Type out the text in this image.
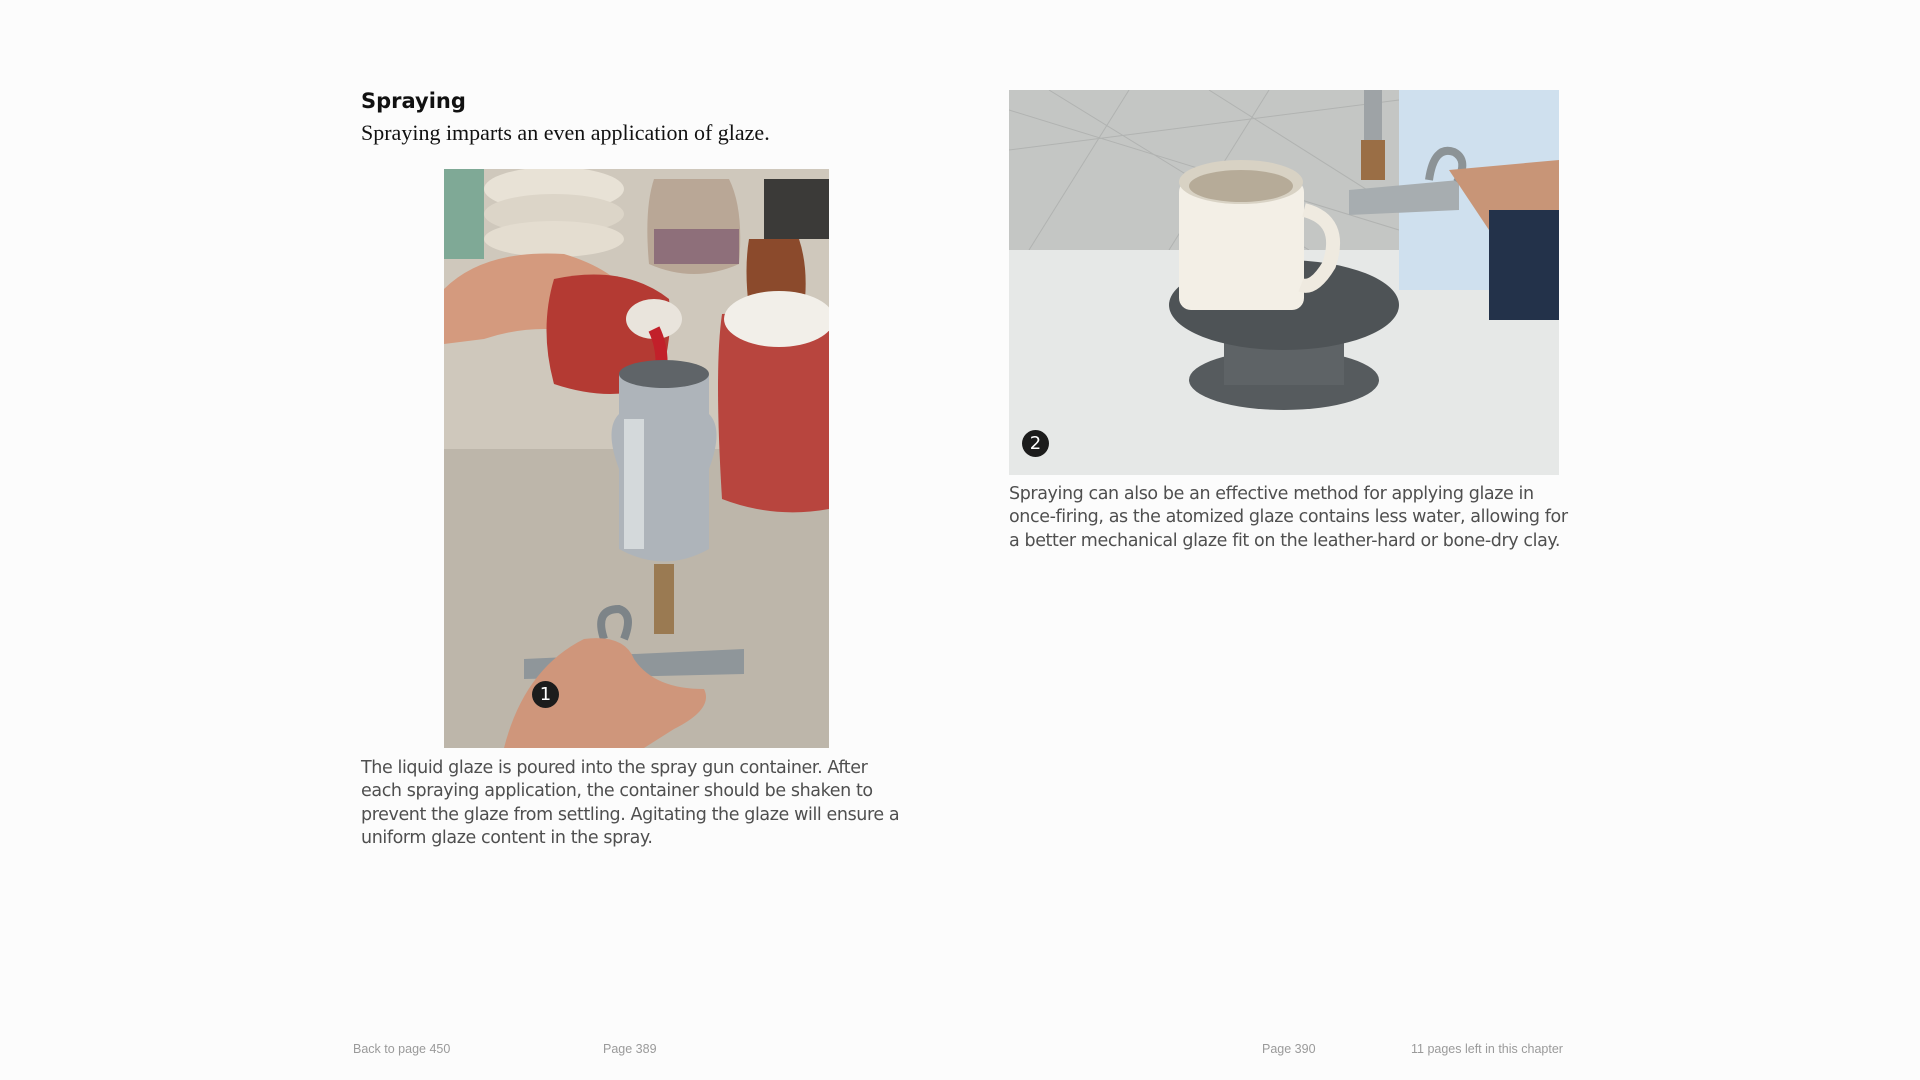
Spraying

Spraying imparts an even application of glaze.

1

The liquid glaze is poured into the spray gun container. After each spraying application, the container should be shaken to prevent the glaze from settling. Agitating the glaze will ensure a uniform glaze content in the spray.

2

Spraying can also be an effective method for applying glaze in once-firing, as the atomized glaze contains less water, allowing for a better mechanical glaze fit on the leather-hard or bone-dry clay.

Back to page 450	Page 389	Page 390	11 pages left in this chapter
